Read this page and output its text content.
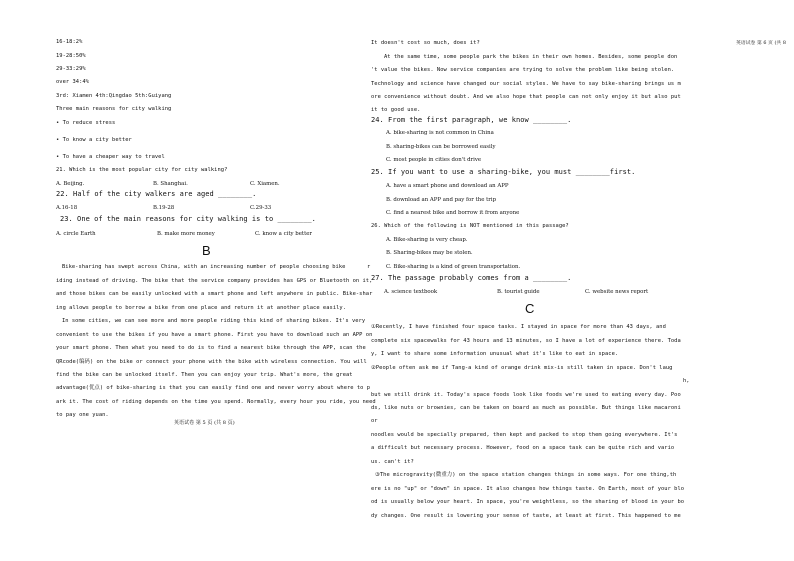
16-18:2%
19-28:50%
29-33:29%
over 34:4%
3rd: Xiamen 4th:Qingdao 5th:Guiyang
Three main reasons for city walking
• To reduce stress
• To know a city better
• To have a cheaper way to travel
21. Which is the most popular city for city walking?
A. Beijing.	B. Shanghai.	C. Xiamen.
22. Half of the city walkers are aged ________.
A.16-18	B.19-28	C.29-33
23. One of the main reasons for city walking is to ________.
A. circle Earth	B. make more money	C. know a city better
B
Bike-sharing has swept across China, with an increasing number of people choosing bike	r
iding instead of driving. The bike that the service company provides has GPS or Bluetooth on it,
and those bikes can be easily unlocked with a smart phone and left anywhere in public. Bike-shar
ing allows people to borrow a bike from one place and return it at another place easily.
In some cities, we can see more and more people riding this kind of sharing bikes. It's very
convenient to use the bikes if you have a smart phone. First you have to download such an APP on
your smart phone. Then what you need to do is to find a nearest bike through the APP, scan the
QRcode(编码) on the bike or connect your phone with the bike with wireless connection. You will
find the bike can be unlocked itself. Then you can enjoy your trip. What's more, the great
advantage(优点) of bike-sharing is that you can easily find one and never worry about where to p
ark it. The cost of riding depends on the time you spend. Normally, every hour you ride, you need
to pay one yuan.
英语试卷 第 5 页 (共 8 页)
英语试卷 第 6 页 (共 8
It doesn't cost so much, does it?
At the same time, some people park the bikes in their own homes. Besides, some people don
't value the bikes. Now service companies are trying to solve the problem like being stolen.
Technology and science have changed our social styles. We have to say bike-sharing brings us m
ore convenience without doubt. And we also hope that people can not only enjoy it but also put
it to good use.
24. From the first paragraph, we know ________.
A. bike-sharing is not common in China
B. sharing-bikes can be borrowed easily
C. most people in cities don't drive
25. If you want to use a sharing-bike, you must ________first.
A. have a smart phone and download an APP
B. download an APP and pay for the trip
C. find a nearest bike and borrow it from anyone
26. Which of the following is NOT mentioned in this passage?
A. Bike-sharing is very cheap.
B. Sharing-bikes may be stolen.
C. Bike-sharing is a kind of green transportation.
27. The passage probably comes from a ________.
A. science textbook	B. tourist guide	C. website news report
C
①Recently, I have finished four space tasks. I stayed in space for more than 43 days, and
complete six spacewalks for 43 hours and 13 minutes, so I have a lot of experience there. Toda
y, I want to share some information unusual what it's like to eat in space.
②People often ask me if Tang-a kind of orange drink mix-is still taken in space. Don't laug
h,
but we still drink it. Today's space foods look like foods we're used to eating every day. Poo
ds, like nuts or brownies, can be taken on board as much as possible. But things like macaroni
or
noodles would be specially prepared, then kept and packed to stop them going everywhere. It's
a difficult but necessary process. However, food on a space task can be quite rich and vario
us. can't it?
③The microgravity(微重力) on the space station changes things in some ways. For one thing,th
ere is no "up" or "down" in space. It also changes how things taste. On Earth, most of your blo
od is usually below your heart. In space, you're weightless, so the sharing of blood in your bo
dy changes. One result is lowering your sense of taste, at least at first. This happened to me
